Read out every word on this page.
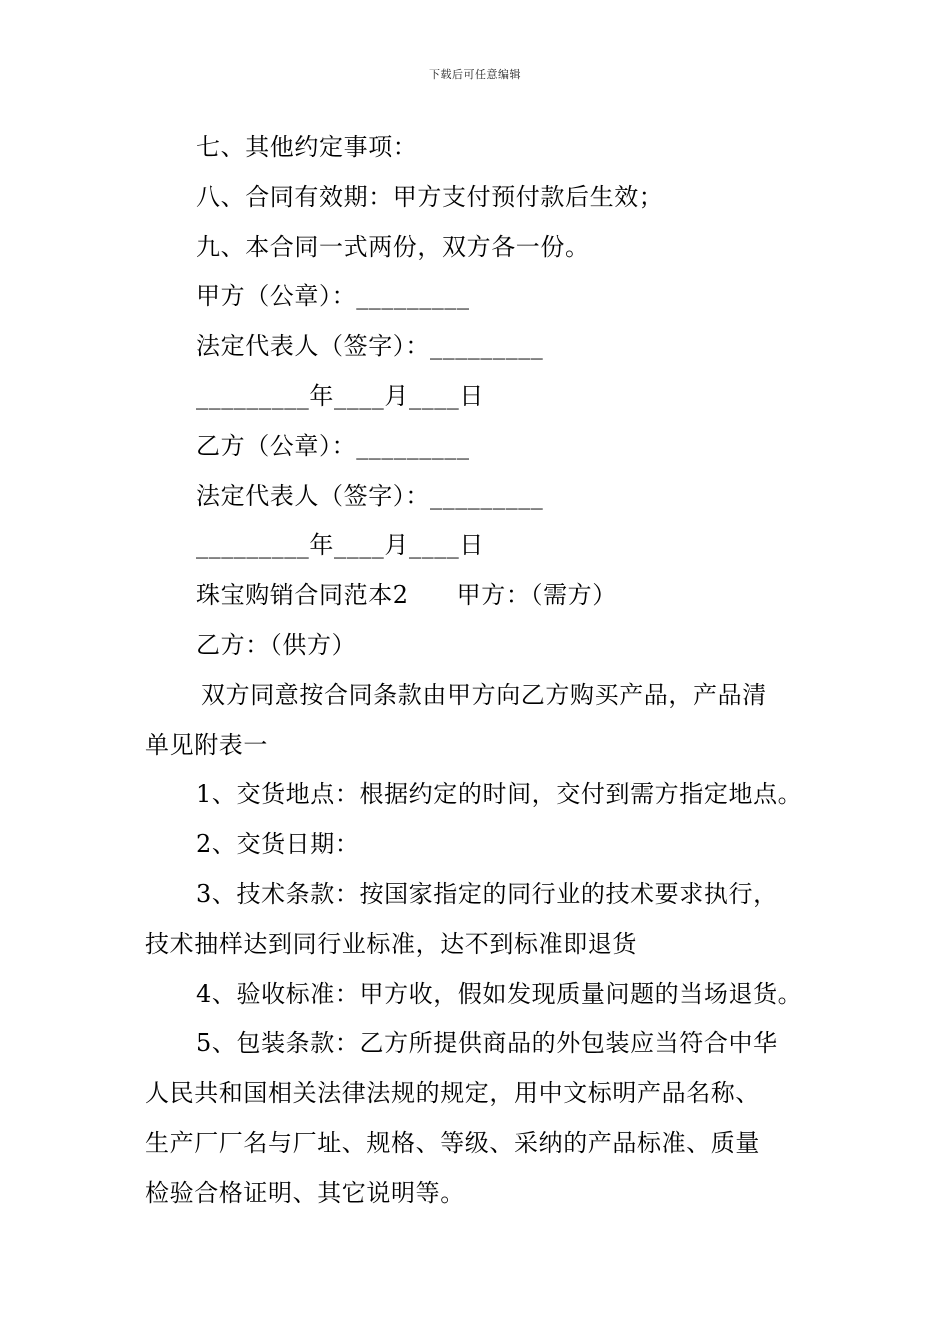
下载后可任意编辑
七、其他约定事项：
八、合同有效期：甲方支付预付款后生效；
九、本合同一式两份，双方各一份。
甲方（公章）：_________
法定代表人（签字）：_________
_________年____月____日
乙方（公章）：_________
法定代表人（签字）：_________
_________年____月____日
珠宝购销合同范本2 甲方：（需方）
乙方：（供方）
双方同意按合同条款由甲方向乙方购买产品，产品清
单见附表一
1、交货地点：根据约定的时间，交付到需方指定地点。
2、交货日期：
3、技术条款：按国家指定的同行业的技术要求执行，
技术抽样达到同行业标准，达不到标准即退货
4、验收标准：甲方收，假如发现质量问题的当场退货。
5、包装条款：乙方所提供商品的外包装应当符合中华
人民共和国相关法律法规的规定，用中文标明产品名称、
生产厂厂名与厂址、规格、等级、采纳的产品标准、质量
检验合格证明、其它说明等。
